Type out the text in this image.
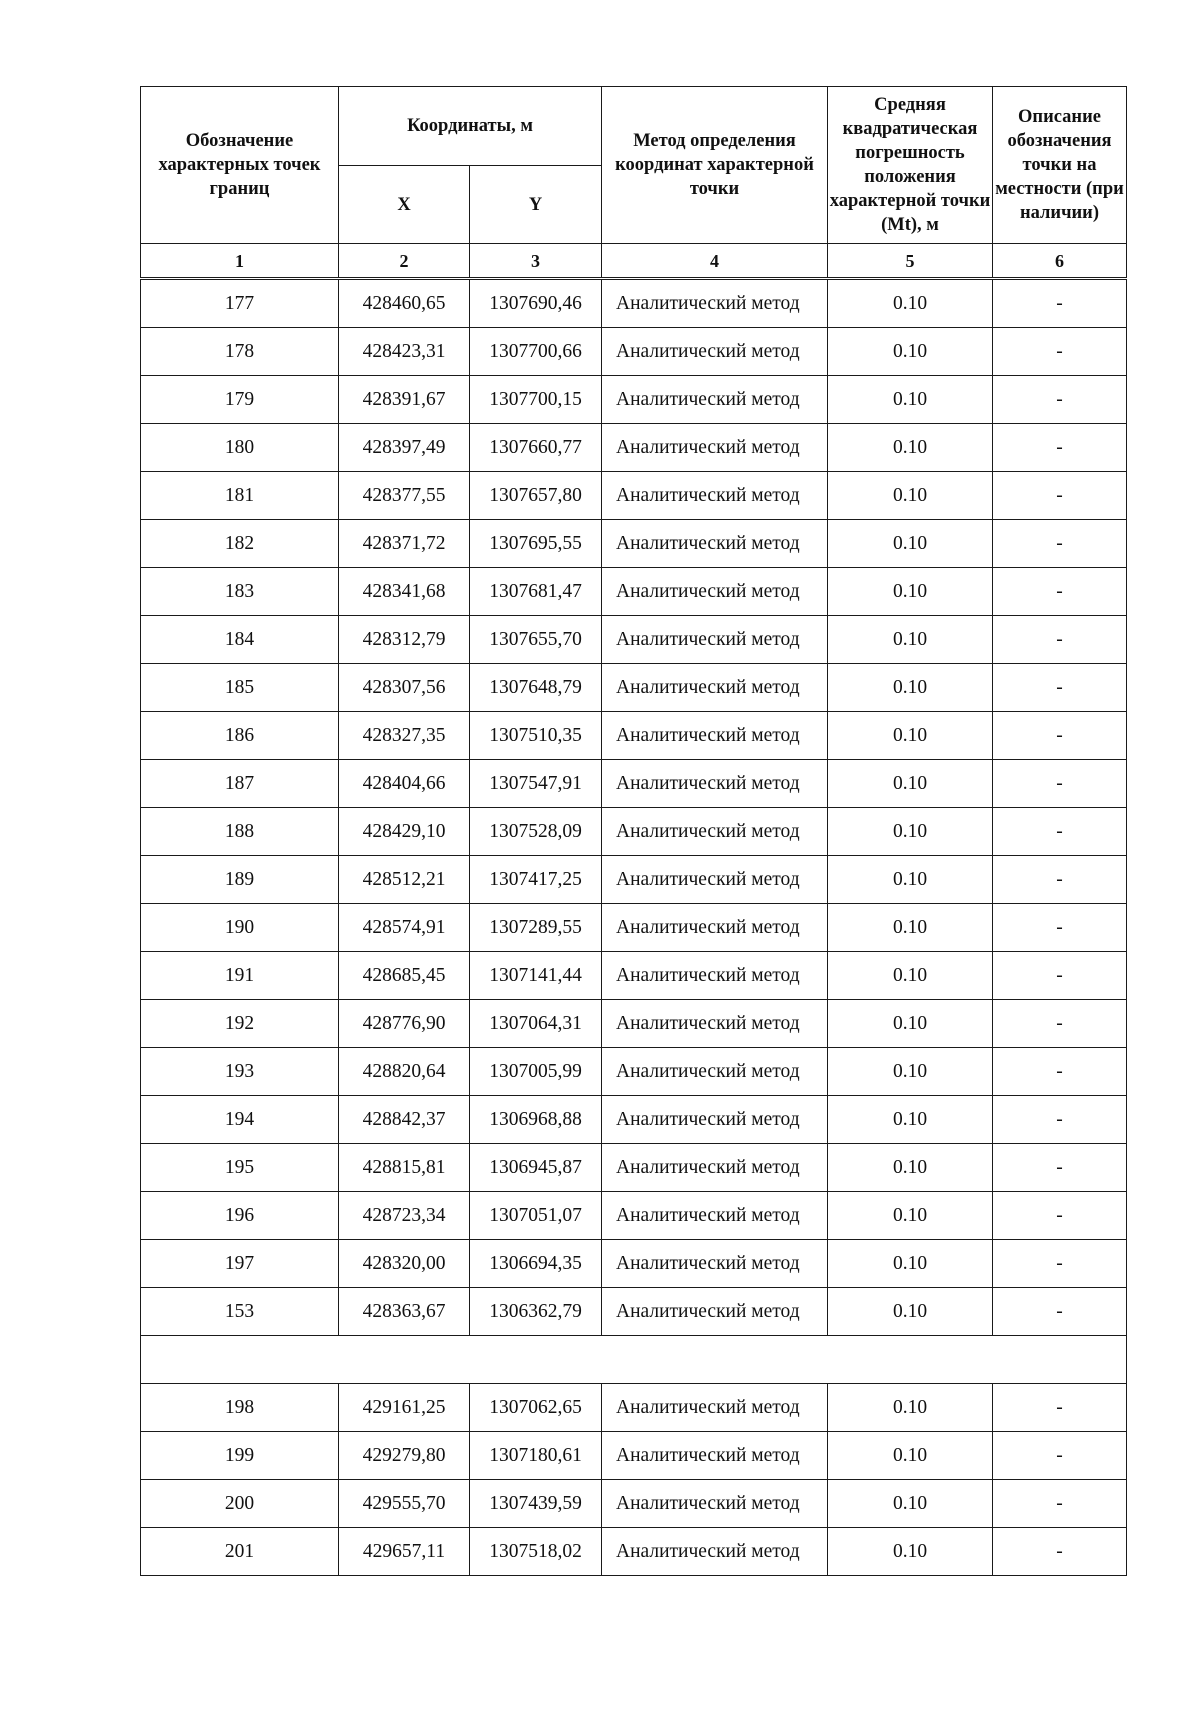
Обозначение характерных точек границ	Координаты, м		Метод определения координат характерной точки	Средняя квадратическая погрешность положения характерной точки (Mt), м	Описание обозначения точки на местности (при наличии)
	X	Y			
1	2	3	4	5	6
177	428460,65	1307690,46	Аналитический метод	0.10	-
178	428423,31	1307700,66	Аналитический метод	0.10	-
179	428391,67	1307700,15	Аналитический метод	0.10	-
180	428397,49	1307660,77	Аналитический метод	0.10	-
181	428377,55	1307657,80	Аналитический метод	0.10	-
182	428371,72	1307695,55	Аналитический метод	0.10	-
183	428341,68	1307681,47	Аналитический метод	0.10	-
184	428312,79	1307655,70	Аналитический метод	0.10	-
185	428307,56	1307648,79	Аналитический метод	0.10	-
186	428327,35	1307510,35	Аналитический метод	0.10	-
187	428404,66	1307547,91	Аналитический метод	0.10	-
188	428429,10	1307528,09	Аналитический метод	0.10	-
189	428512,21	1307417,25	Аналитический метод	0.10	-
190	428574,91	1307289,55	Аналитический метод	0.10	-
191	428685,45	1307141,44	Аналитический метод	0.10	-
192	428776,90	1307064,31	Аналитический метод	0.10	-
193	428820,64	1307005,99	Аналитический метод	0.10	-
194	428842,37	1306968,88	Аналитический метод	0.10	-
195	428815,81	1306945,87	Аналитический метод	0.10	-
196	428723,34	1307051,07	Аналитический метод	0.10	-
197	428320,00	1306694,35	Аналитический метод	0.10	-
153	428363,67	1306362,79	Аналитический метод	0.10	-

198	429161,25	1307062,65	Аналитический метод	0.10	-
199	429279,80	1307180,61	Аналитический метод	0.10	-
200	429555,70	1307439,59	Аналитический метод	0.10	-
201	429657,11	1307518,02	Аналитический метод	0.10	-
